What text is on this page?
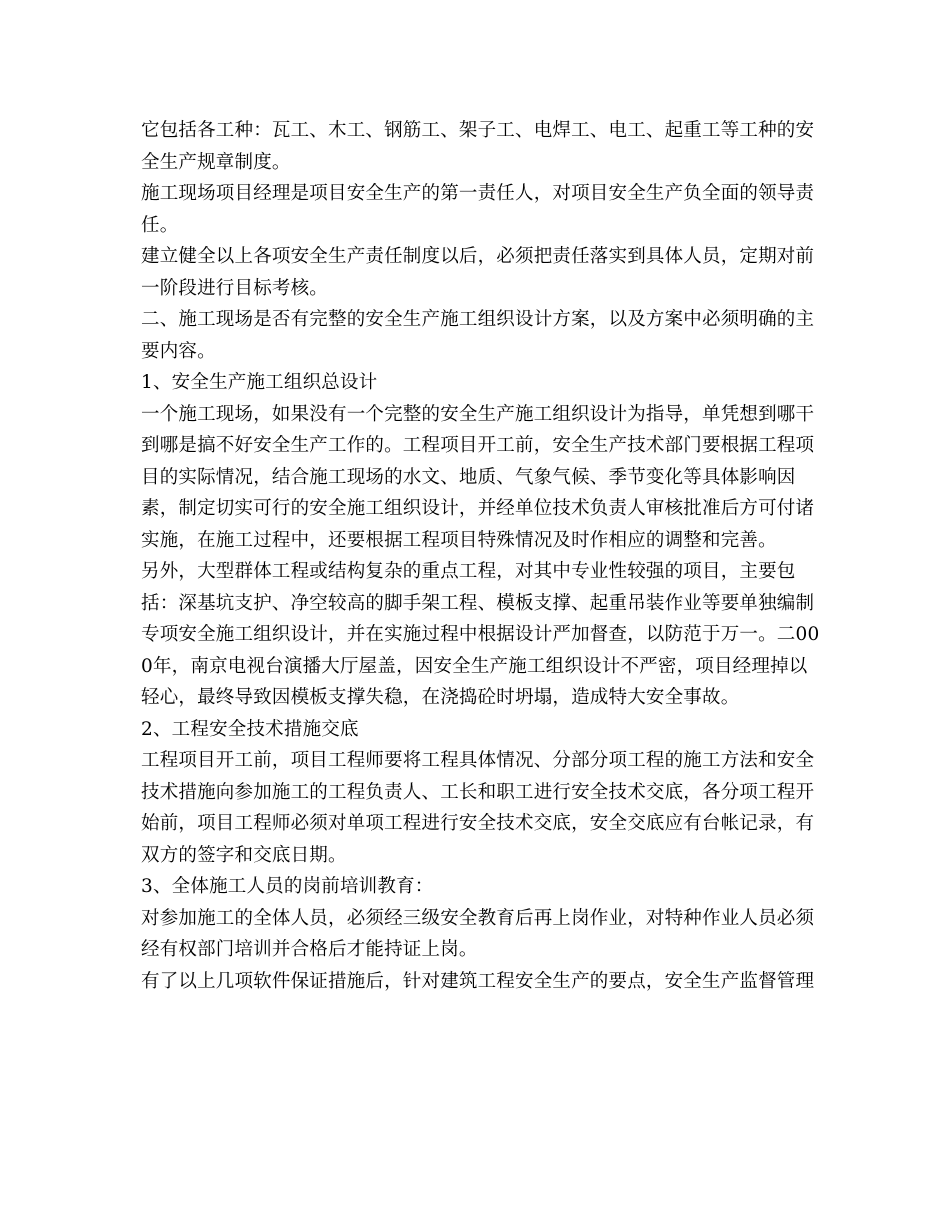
它包括各工种：瓦工、木工、钢筋工、架子工、电焊工、电工、起重工等工种的安全生产规章制度。

施工现场项目经理是项目安全生产的第一责任人，对项目安全生产负全面的领导责任。

建立健全以上各项安全生产责任制度以后，必须把责任落实到具体人员，定期对前一阶段进行目标考核。

二、施工现场是否有完整的安全生产施工组织设计方案，以及方案中必须明确的主要内容。

1、安全生产施工组织总设计

一个施工现场，如果没有一个完整的安全生产施工组织设计为指导，单凭想到哪干到哪是搞不好安全生产工作的。工程项目开工前，安全生产技术部门要根据工程项目的实际情况，结合施工现场的水文、地质、气象气候、季节变化等具体影响因素，制定切实可行的安全施工组织设计，并经单位技术负责人审核批准后方可付诸实施，在施工过程中，还要根据工程项目特殊情况及时作相应的调整和完善。

另外，大型群体工程或结构复杂的重点工程，对其中专业性较强的项目，主要包括：深基坑支护、净空较高的脚手架工程、模板支撑、起重吊装作业等要单独编制专项安全施工组织设计，并在实施过程中根据设计严加督查，以防范于万一。二000年，南京电视台演播大厅屋盖，因安全生产施工组织设计不严密，项目经理掉以轻心，最终导致因模板支撑失稳，在浇捣砼时坍塌，造成特大安全事故。

2、工程安全技术措施交底

工程项目开工前，项目工程师要将工程具体情况、分部分项工程的施工方法和安全技术措施向参加施工的工程负责人、工长和职工进行安全技术交底，各分项工程开始前，项目工程师必须对单项工程进行安全技术交底，安全交底应有台帐记录，有双方的签字和交底日期。

3、全体施工人员的岗前培训教育：

对参加施工的全体人员，必须经三级安全教育后再上岗作业，对特种作业人员必须经有权部门培训并合格后才能持证上岗。

有了以上几项软件保证措施后，针对建筑工程安全生产的要点，安全生产监督管理
